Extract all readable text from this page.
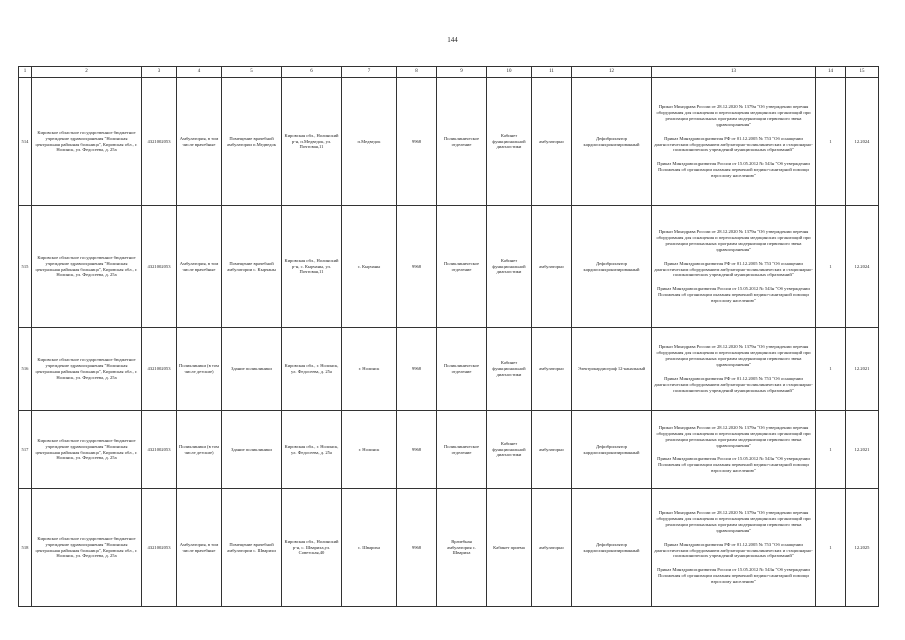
144
1	2	3	4	5	6	7	8	9	10	11	12	13	14	15
514	Кировское областное государственное бюджетное учреждение здравоохранения "Нолинская центральная районная больница", Кировская обл., г. Нолинск, ул. Федосеева, д. 25а	4321002053	Амбулатория, в том числе врачебные	Помещение врачебной амбулатории п.Медведок	Кировская обл., Нолинский р-н, п.Медведок, ул. Почтовая,11	п.Медведок	9968	Поликлиническое отделение	Кабинет функциональной диагностики	амбулаторно	Дефибриллятор кардиосинхронизированный	Приказ Минздрава России от 28.12.2020 № 1379н "Об утверждении перечня оборудования для оснащения и переоснащения медицинских организаций при реализации региональных программ модернизации первичного звена здравоохранения"
Приказ Минздравсоцразвития РФ от 01.12.2005 № 753 "Об оснащении диагностическим оборудованием амбулаторно-поликлинических и стационарно-поликлинических учреждений муниципальных образований"
Приказ Минздравсоцразвития России от 15.05.2012 № 543н "Об утверждении Положения об организации оказания первичной медико-санитарной помощи взрослому населению"	1	12.2024
515	Кировское областное государственное бюджетное учреждение здравоохранения "Нолинская центральная районная больница", Кировская обл., г. Нолинск, ул. Федосеева, д. 25а	4321002053	Амбулатория, в том числе врачебные	Помещение врачебной амбулатории с. Кырчаны	Кировская обл., Нолинский р-н, с. Кырчаны, ул. Почтовая,11	с. Кырчаны	9968	Поликлиническое отделение	Кабинет функциональной диагностики	амбулаторно	Дефибриллятор кардиосинхронизированный	Приказ Минздрава России от 28.12.2020 № 1379н "Об утверждении перечня оборудования для оснащения и переоснащения медицинских организаций при реализации региональных программ модернизации первичного звена здравоохранения"
Приказ Минздравсоцразвития РФ от 01.12.2005 № 753 "Об оснащении диагностическим оборудованием амбулаторно-поликлинических и стационарно-поликлинических учреждений муниципальных образований"
Приказ Минздравсоцразвития России от 15.05.2012 № 543н "Об утверждении Положения об организации оказания первичной медико-санитарной помощи взрослому населению"	1	12.2024
516	Кировское областное государственное бюджетное учреждение здравоохранения "Нолинская центральная районная больница", Кировская обл., г. Нолинск, ул. Федосеева, д. 25а	4321002053	Поликлиники (в том числе детские)	Здание поликлиники	Кировская обл., г. Нолинск, ул. Федосеева, д. 25а	г. Нолинск	9968	Поликлиническое отделение	Кабинет функциональной диагностики	амбулаторно	Электрокардиограф 12-канальный	Приказ Минздрава России от 28.12.2020 № 1379н "Об утверждении перечня оборудования для оснащения и переоснащения медицинских организаций при реализации региональных программ модернизации первичного звена здравоохранения"
Приказ Минздравсоцразвития РФ от 01.12.2005 № 753 "Об оснащении диагностическим оборудованием амбулаторно-поликлинических и стационарно-поликлинических учреждений муниципальных образований"	1	12.2021
517	Кировское областное государственное бюджетное учреждение здравоохранения "Нолинская центральная районная больница", Кировская обл., г. Нолинск, ул. Федосеева, д. 25а	4321002053	Поликлиники (в том числе детские)	Здание поликлиники	Кировская обл., г. Нолинск, ул. Федосеева, д. 25а	г. Нолинск	9968	Поликлиническое отделение	Кабинет функциональной диагностики	амбулаторно	Дефибриллятор кардиосинхронизированный	Приказ Минздрава России от 28.12.2020 № 1379н "Об утверждении перечня оборудования для оснащения и переоснащения медицинских организаций при реализации региональных программ модернизации первичного звена здравоохранения"
Приказ Минздравсоцразвития России от 15.05.2012 № 543н "Об утверждении Положения об организации оказания первичной медико-санитарной помощи взрослому населению"	1	12.2021
518	Кировское областное государственное бюджетное учреждение здравоохранения "Нолинская центральная районная больница", Кировская обл., г. Нолинск, ул. Федосеева, д. 25а	4321002053	Амбулатория, в том числе врачебные	Помещение врачебной амбулатории с. Шварихи	Кировская обл., Нолинский р-н, с. Швариха,ул. Советская,40	с. Швариха	9968	Врачебная амбулатория с. Швариха	Кабинет приема	амбулаторно	Дефибриллятор кардиосинхронизированный	Приказ Минздрава России от 28.12.2020 № 1379н "Об утверждении перечня оборудования для оснащения и переоснащения медицинских организаций при реализации региональных программ модернизации первичного звена здравоохранения"
Приказ Минздравсоцразвития РФ от 01.12.2005 № 753 "Об оснащении диагностическим оборудованием амбулаторно-поликлинических и стационарно-поликлинических учреждений муниципальных образований"
Приказ Минздравсоцразвития России от 15.05.2012 № 543н "Об утверждении Положения об организации оказания первичной медико-санитарной помощи взрослому населению"	1	12.2025
